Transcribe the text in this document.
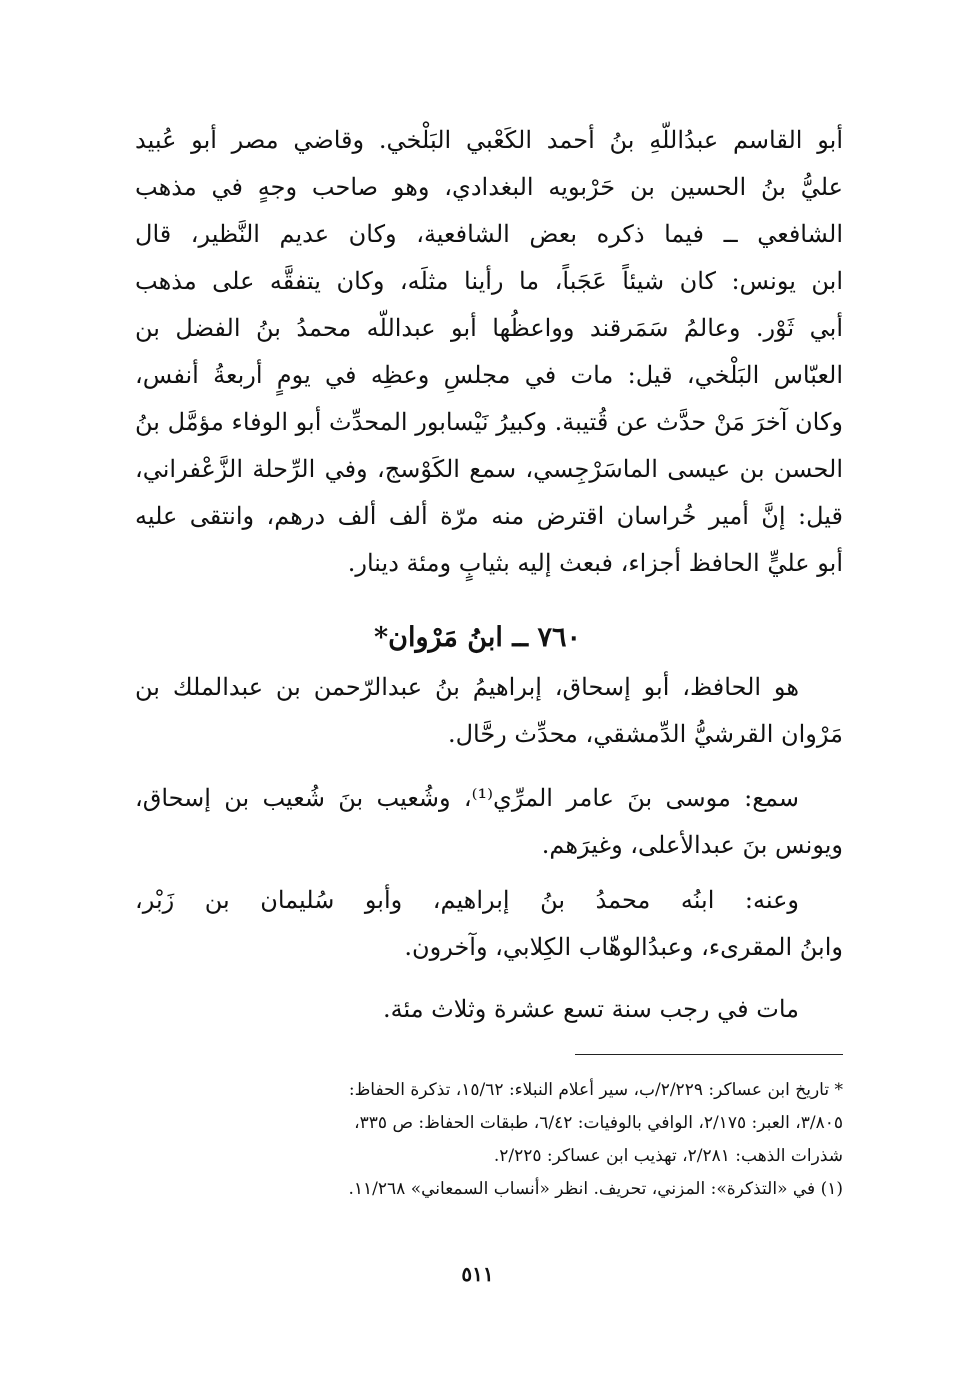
أبو القاسم عبدُاللّهِ بنُ أحمد الكَعْبي البَلْخي. وقاضي مصر أبو عُبيد
عليُّ بنُ الحسين بن حَرْبويه البغدادي، وهو صاحب وجهٍ في مذهب
الشافعي ــ فيما ذكره بعض الشافعية، وكان عديم النَّظير، قال
ابن يونس: كان شيئاً عَجَباً، ما رأينا مثلَه، وكان يتفقَّه على مذهب
أبي ثَوْر. وعالمُ سَمَرقند وواعظُها أبو عبداللّه محمدُ بنُ الفضل بن
العبّاس البَلْخي، قيل: مات في مجلسِ وعظِه في يومٍ أربعةُ أنفس،
وكان آخرَ مَنْ حدَّث عن قُتيبة. وكبيرُ نَيْسابور المحدِّث أبو الوفاء مؤمَّل بنُ
الحسن بن عيسى الماسَرْجِسي، سمع الكَوْسج، وفي الرِّحلة الزَّعْفراني،
قيل: إنَّ أمير خُراسان اقترض منه مرّة ألف ألف درهم، وانتقى عليه
أبو عليٍّ الحافظ أجزاء، فبعث إليه بثيابٍ ومئة دينار.
٧٦٠ ــ ابنُ مَرْوان*
هو الحافظ، أبو إسحاق، إبراهيمُ بنُ عبدالرّحمن بن عبدالملك بن
مَرْوان القرشيُّ الدِّمشقي، محدِّث رحَّال.
سمع: موسى بنَ عامر المرِّي⁽¹⁾، وشُعيب بنَ شُعيب بن إسحاق،
ويونس بنَ عبدالأعلى، وغيرَهم.
وعنه: ابنُه محمدُ بنُ إبراهيم، وأبو سُليمان بن زَبْر،
وابنُ المقرىء، وعبدُالوهّاب الكِلابي، وآخرون.
مات في رجب سنة تسع عشرة وثلاث مئة.
* تاريخ ابن عساكر: ٢/٢٢٩/ب، سير أعلام النبلاء: ١٥/٦٢، تذكرة الحفاظ:
٣/٨٠٥، العبر: ٢/١٧٥، الوافي بالوفيات: ٦/٤٢، طبقات الحفاظ: ص ٣٣٥،
شذرات الذهب: ٢/٢٨١، تهذيب ابن عساكر: ٢/٢٢٥.
(١) في «التذكرة»: المزني، تحريف. انظر «أنساب السمعاني» ١١/٢٦٨.
٥١١
